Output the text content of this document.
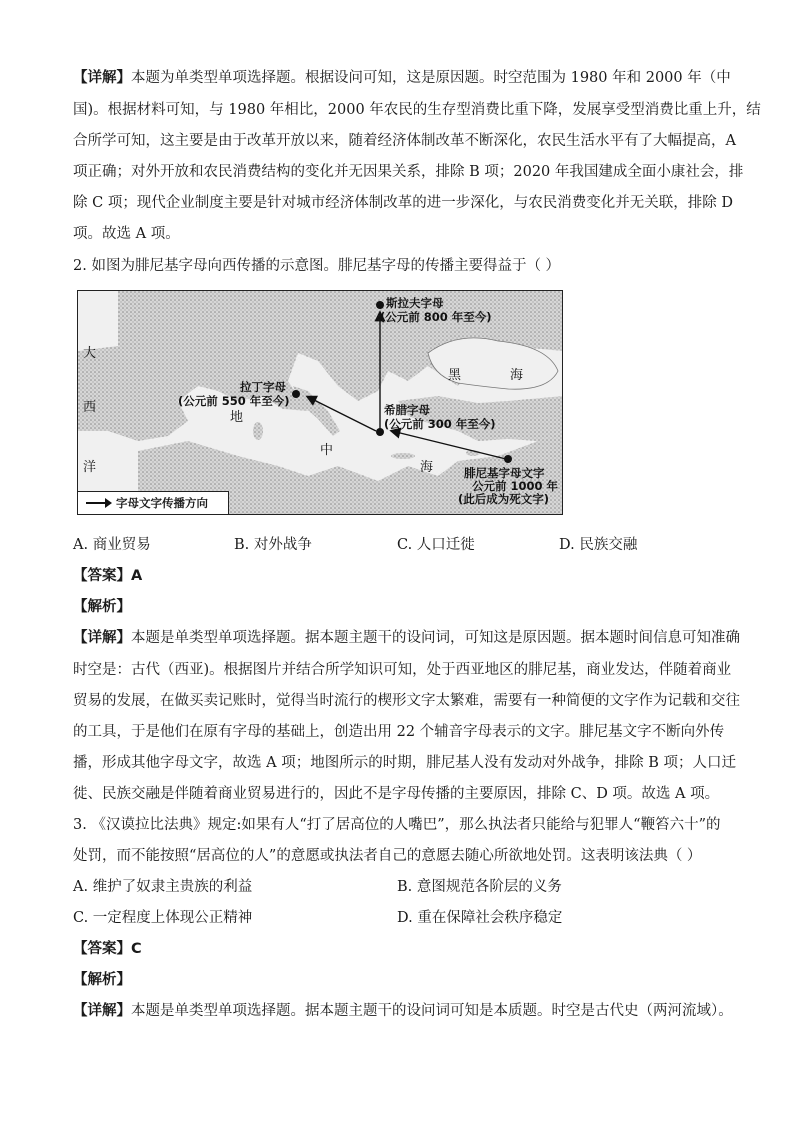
【详解】本题为单类型单项选择题。根据设问可知，这是原因题。时空范围为 1980 年和 2000 年（中
国)。根据材料可知，与 1980 年相比，2000 年农民的生存型消费比重下降，发展享受型消费比重上升，结
合所学可知，这主要是由于改革开放以来，随着经济体制改革不断深化，农民生活水平有了大幅提高，A
项正确；对外开放和农民消费结构的变化并无因果关系，排除 B 项；2020 年我国建成全面小康社会，排
除 C 项；现代企业制度主要是针对城市经济体制改革的进一步深化，与农民消费变化并无关联，排除 D
项。故选 A 项。
2. 如图为腓尼基字母向西传播的示意图。腓尼基字母的传播主要得益于（ ）
斯拉夫字母
(公元前 800 年至今)
拉丁字母
(公元前 550 年至今)
希腊字母
(公元前 300 年至今)
腓尼基字母文字
公元前 1000 年
(此后成为死文字)
大
西
洋
地
中
海
黑	海
字母文字传播方向
A. 商业贸易	B. 对外战争	C. 人口迁徙	D. 民族交融
【答案】A
【解析】
【详解】本题是单类型单项选择题。据本题主题干的设问词，可知这是原因题。据本题时间信息可知准确
时空是：古代（西亚)。根据图片并结合所学知识可知，处于西亚地区的腓尼基，商业发达，伴随着商业
贸易的发展，在做买卖记账时，觉得当时流行的楔形文字太繁难，需要有一种简便的文字作为记载和交往
的工具，于是他们在原有字母的基础上，创造出用 22 个辅音字母表示的文字。腓尼基文字不断向外传
播，形成其他字母文字，故选 A 项；地图所示的时期，腓尼基人没有发动对外战争，排除 B 项；人口迁
徙、民族交融是伴随着商业贸易进行的，因此不是字母传播的主要原因，排除 C、D 项。故选 A 项。
3. 《汉谟拉比法典》规定:如果有人“打了居高位的人嘴巴”，那么执法者只能给与犯罪人“鞭笞六十”的
处罚，而不能按照“居高位的人”的意愿或执法者自己的意愿去随心所欲地处罚。这表明该法典（ ）
A. 维护了奴隶主贵族的利益	B. 意图规范各阶层的义务
C. 一定程度上体现公正精神	D. 重在保障社会秩序稳定
【答案】C
【解析】
【详解】本题是单类型单项选择题。据本题主题干的设问词可知是本质题。时空是古代史（两河流域）。
